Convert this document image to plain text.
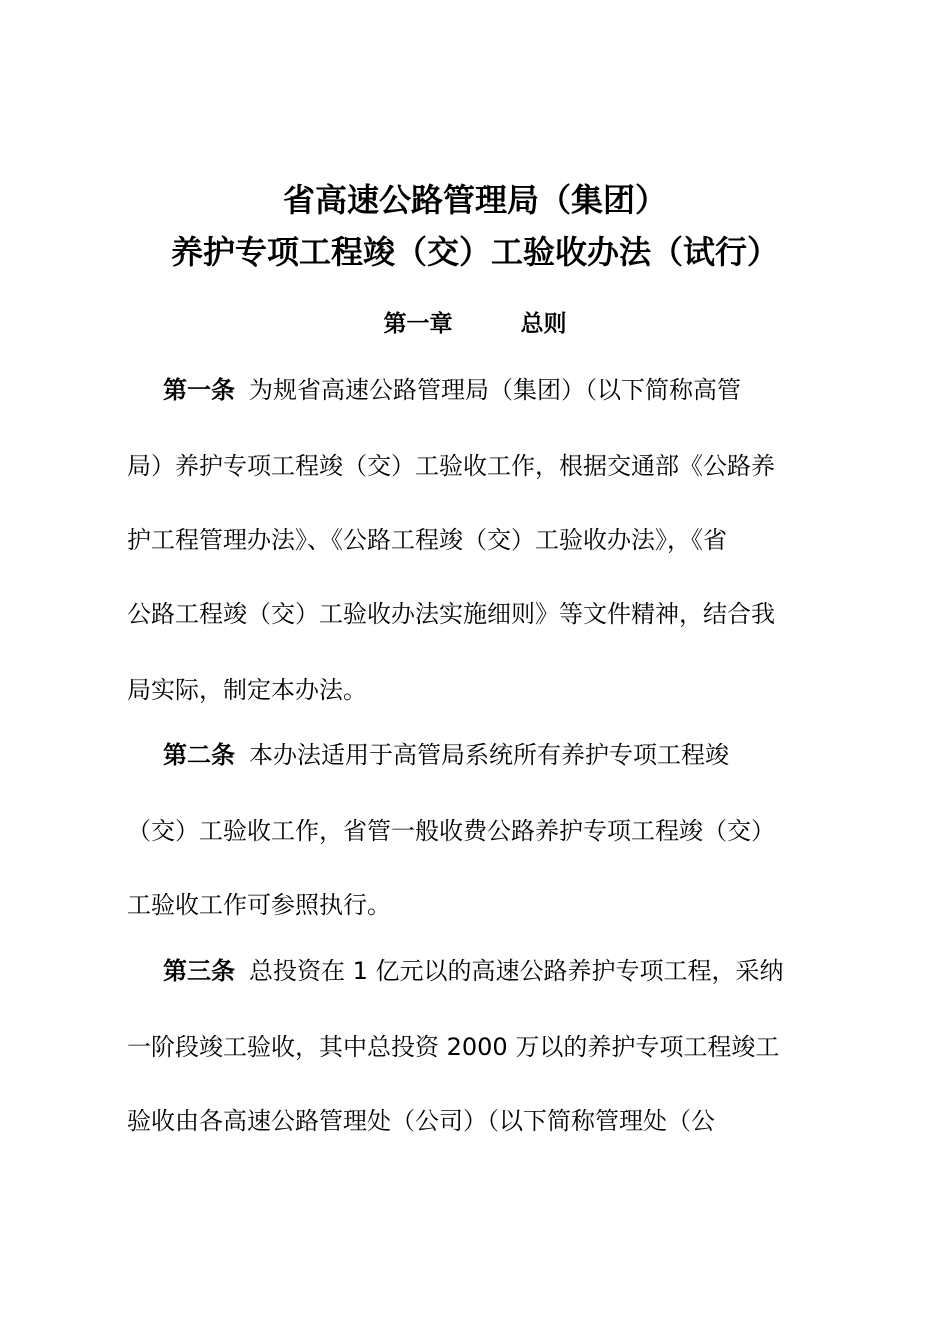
省高速公路管理局（集团）
养护专项工程竣（交）工验收办法（试行）
第一章	总则
第一条 为规省高速公路管理局（集团）（以下简称高管
局）养护专项工程竣（交）工验收工作，根据交通部《公路养
护工程管理办法》、《公路工程竣（交）工验收办法》，《省
公路工程竣（交）工验收办法实施细则》等文件精神，结合我
局实际，制定本办法。
第二条 本办法适用于高管局系统所有养护专项工程竣
（交）工验收工作，省管一般收费公路养护专项工程竣（交）
工验收工作可参照执行。
第三条 总投资在 1 亿元以的高速公路养护专项工程，采纳
一阶段竣工验收，其中总投资 2000 万以的养护专项工程竣工
验收由各高速公路管理处（公司）（以下简称管理处（公
